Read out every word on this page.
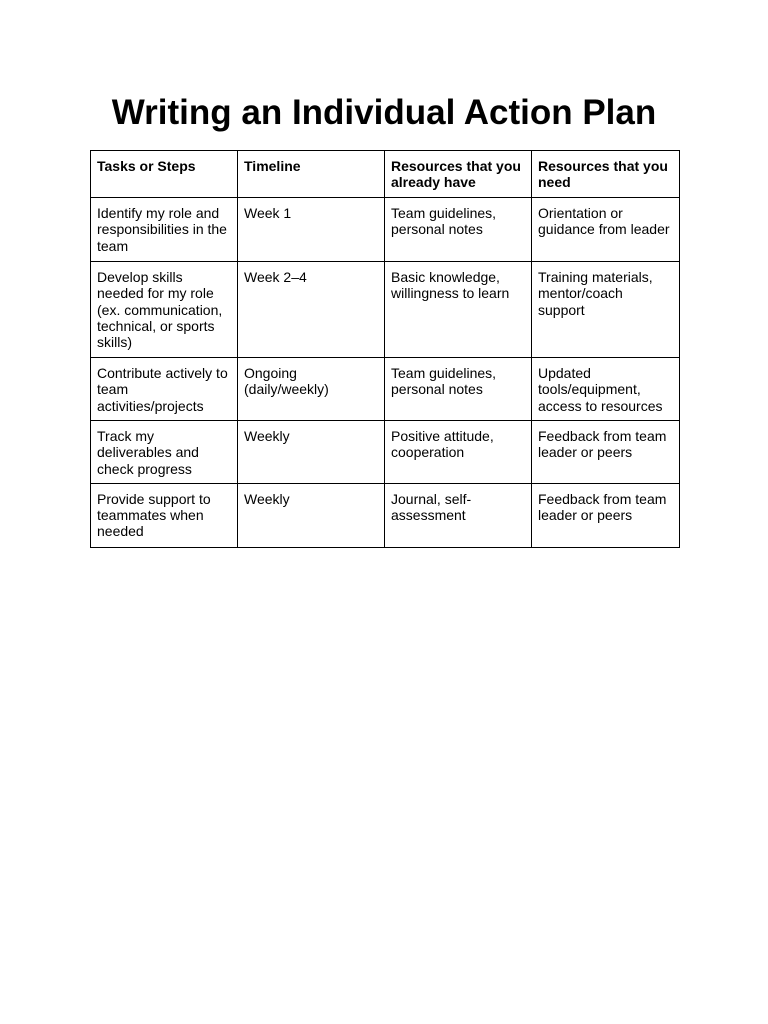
Writing an Individual Action Plan
Tasks or Steps	Timeline	Resources that you already have	Resources that you need
Identify my role and responsibilities in the team	Week 1	Team guidelines, personal notes	Orientation or guidance from leader
Develop skills needed for my role (ex. communication, technical, or sports skills)	Week 2–4	Basic knowledge, willingness to learn	Training materials, mentor/coach support
Contribute actively to team activities/projects	Ongoing (daily/weekly)	Team guidelines, personal notes	Updated tools/equipment, access to resources
Track my deliverables and check progress	Weekly	Positive attitude, cooperation	Feedback from team leader or peers
Provide support to teammates when needed	Weekly	Journal, self-assessment	Feedback from team leader or peers
